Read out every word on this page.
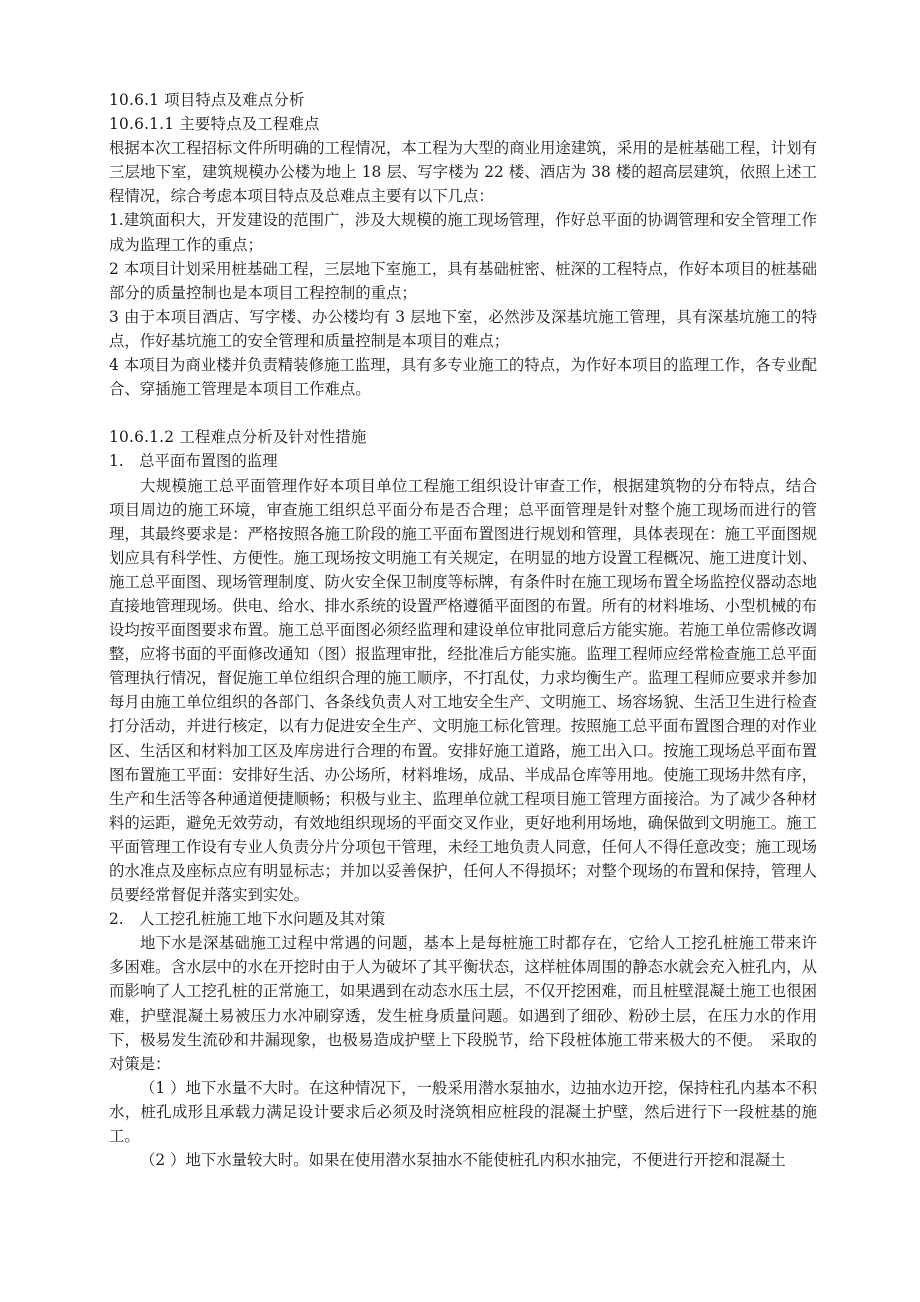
10.6.1 项目特点及难点分析

10.6.1.1 主要特点及工程难点

根据本次工程招标文件所明确的工程情况，本工程为大型的商业用途建筑，采用的是桩基础工程，计划有三层地下室，建筑规模办公楼为地上 18 层、写字楼为 22 楼、酒店为 38 楼的超高层建筑，依照上述工程情况，综合考虑本项目特点及总难点主要有以下几点：

1.建筑面积大，开发建设的范围广，涉及大规模的施工现场管理，作好总平面的协调管理和安全管理工作成为监理工作的重点；

2 本项目计划采用桩基础工程，三层地下室施工，具有基础桩密、桩深的工程特点，作好本项目的桩基础部分的质量控制也是本项目工程控制的重点；

3 由于本项目酒店、写字楼、办公楼均有 3 层地下室，必然涉及深基坑施工管理，具有深基坑施工的特点，作好基坑施工的安全管理和质量控制是本项目的难点；

4 本项目为商业楼并负责精装修施工监理，具有多专业施工的特点，为作好本项目的监理工作，各专业配合、穿插施工管理是本项目工作难点。

10.6.1.2 工程难点分析及针对性措施

1.　总平面布置图的监理

大规模施工总平面管理作好本项目单位工程施工组织设计审查工作，根据建筑物的分布特点，结合项目周边的施工环境，审查施工组织总平面分布是否合理；总平面管理是针对整个施工现场而进行的管理，其最终要求是：严格按照各施工阶段的施工平面布置图进行规划和管理，具体表现在：施工平面图规划应具有科学性、方便性。施工现场按文明施工有关规定，在明显的地方设置工程概况、施工进度计划、施工总平面图、现场管理制度、防火安全保卫制度等标牌，有条件时在施工现场布置全场监控仪器动态地直接地管理现场。供电、给水、排水系统的设置严格遵循平面图的布置。所有的材料堆场、小型机械的布设均按平面图要求布置。施工总平面图必须经监理和建设单位审批同意后方能实施。若施工单位需修改调整，应将书面的平面修改通知（图）报监理审批，经批准后方能实施。监理工程师应经常检查施工总平面管理执行情况，督促施工单位组织合理的施工顺序，不打乱仗，力求均衡生产。监理工程师应要求并参加每月由施工单位组织的各部门、各条线负责人对工地安全生产、文明施工、场容场貌、生活卫生进行检查打分活动，并进行核定，以有力促进安全生产、文明施工标化管理。按照施工总平面布置图合理的对作业区、生活区和材料加工区及库房进行合理的布置。安排好施工道路，施工出入口。按施工现场总平面布置图布置施工平面：安排好生活、办公场所，材料堆场，成品、半成品仓库等用地。使施工现场井然有序，生产和生活等各种通道便捷顺畅；积极与业主、监理单位就工程项目施工管理方面接洽。为了减少各种材料的运距，避免无效劳动，有效地组织现场的平面交叉作业，更好地利用场地，确保做到文明施工。施工平面管理工作设有专业人负责分片分项包干管理，未经工地负责人同意，任何人不得任意改变；施工现场的水准点及座标点应有明显标志；并加以妥善保护，任何人不得损坏；对整个现场的布置和保持，管理人员要经常督促并落实到实处。

2.　人工挖孔桩施工地下水问题及其对策

地下水是深基础施工过程中常遇的问题，基本上是每桩施工时都存在，它给人工挖孔桩施工带来许多困难。含水层中的水在开挖时由于人为破坏了其平衡状态，这样桩体周围的静态水就会充入桩孔内，从而影响了人工挖孔桩的正常施工，如果遇到在动态水压土层，不仅开挖困难，而且桩壁混凝土施工也很困难，护壁混凝土易被压力水冲刷穿透，发生桩身质量问题。如遇到了细砂、粉砂土层，在压力水的作用下，极易发生流砂和井漏现象，也极易造成护壁上下段脱节，给下段桩体施工带来极大的不便。　采取的对策是：

（1 ）地下水量不大时。在这种情况下，一般采用潜水泵抽水，边抽水边开挖，保持柱孔内基本不积水，桩孔成形且承载力满足设计要求后必须及时浇筑相应桩段的混凝土护壁，然后进行下一段桩基的施工。

（2 ）地下水量较大时。如果在使用潜水泵抽水不能使桩孔内积水抽完，不便进行开挖和混凝土
